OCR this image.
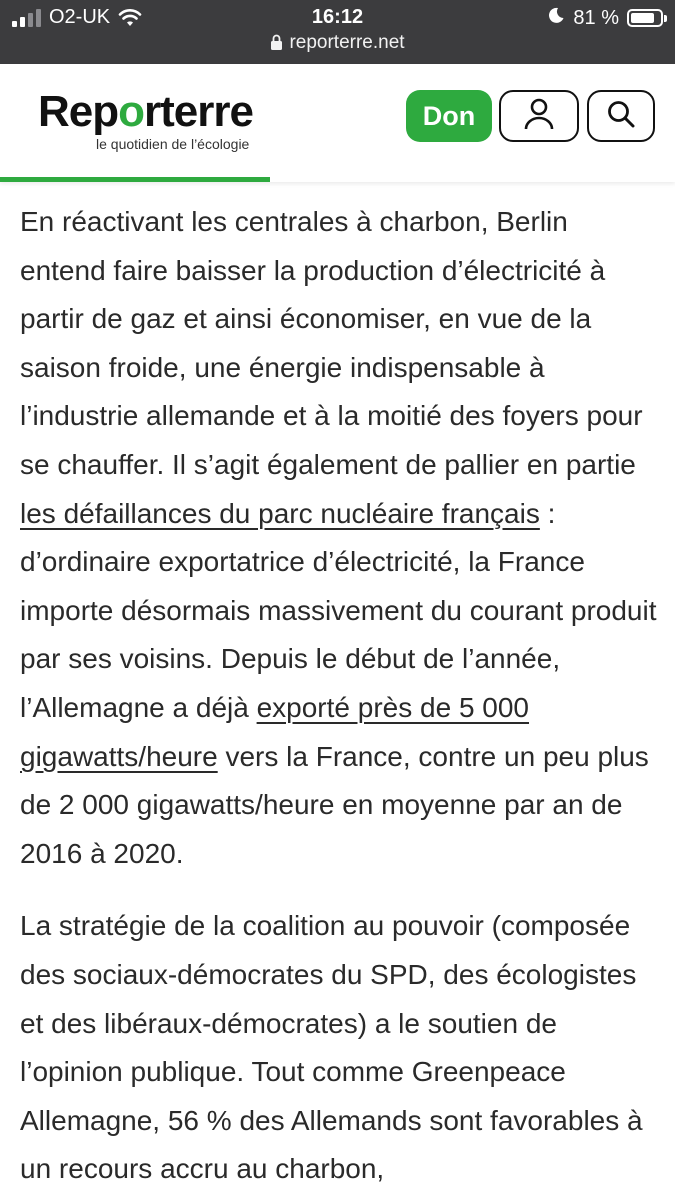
O2-UK	16:12
reporterre.net
81 %
Reporterre
le quotidien de l’écologie
Don

En réactivant les centrales à charbon, Berlin entend faire baisser la production d’électricité à partir de gaz et ainsi économiser, en vue de la saison froide, une énergie indispensable à l’industrie allemande et à la moitié des foyers pour se chauffer. Il s’agit également de pallier en partie les défaillances du parc nucléaire français : d’ordinaire exportatrice d’électricité, la France importe désormais massivement du courant produit par ses voisins. Depuis le début de l’année, l’Allemagne a déjà exporté près de 5 000 gigawatts/heure vers la France, contre un peu plus de 2 000 gigawatts/heure en moyenne par an de 2016 à 2020.

La stratégie de la coalition au pouvoir (composée des sociaux-démocrates du SPD, des écologistes et des libéraux-démocrates) a le soutien de l’opinion publique. Tout comme Greenpeace Allemagne, 56 % des Allemands sont favorables à un recours accru au charbon,
